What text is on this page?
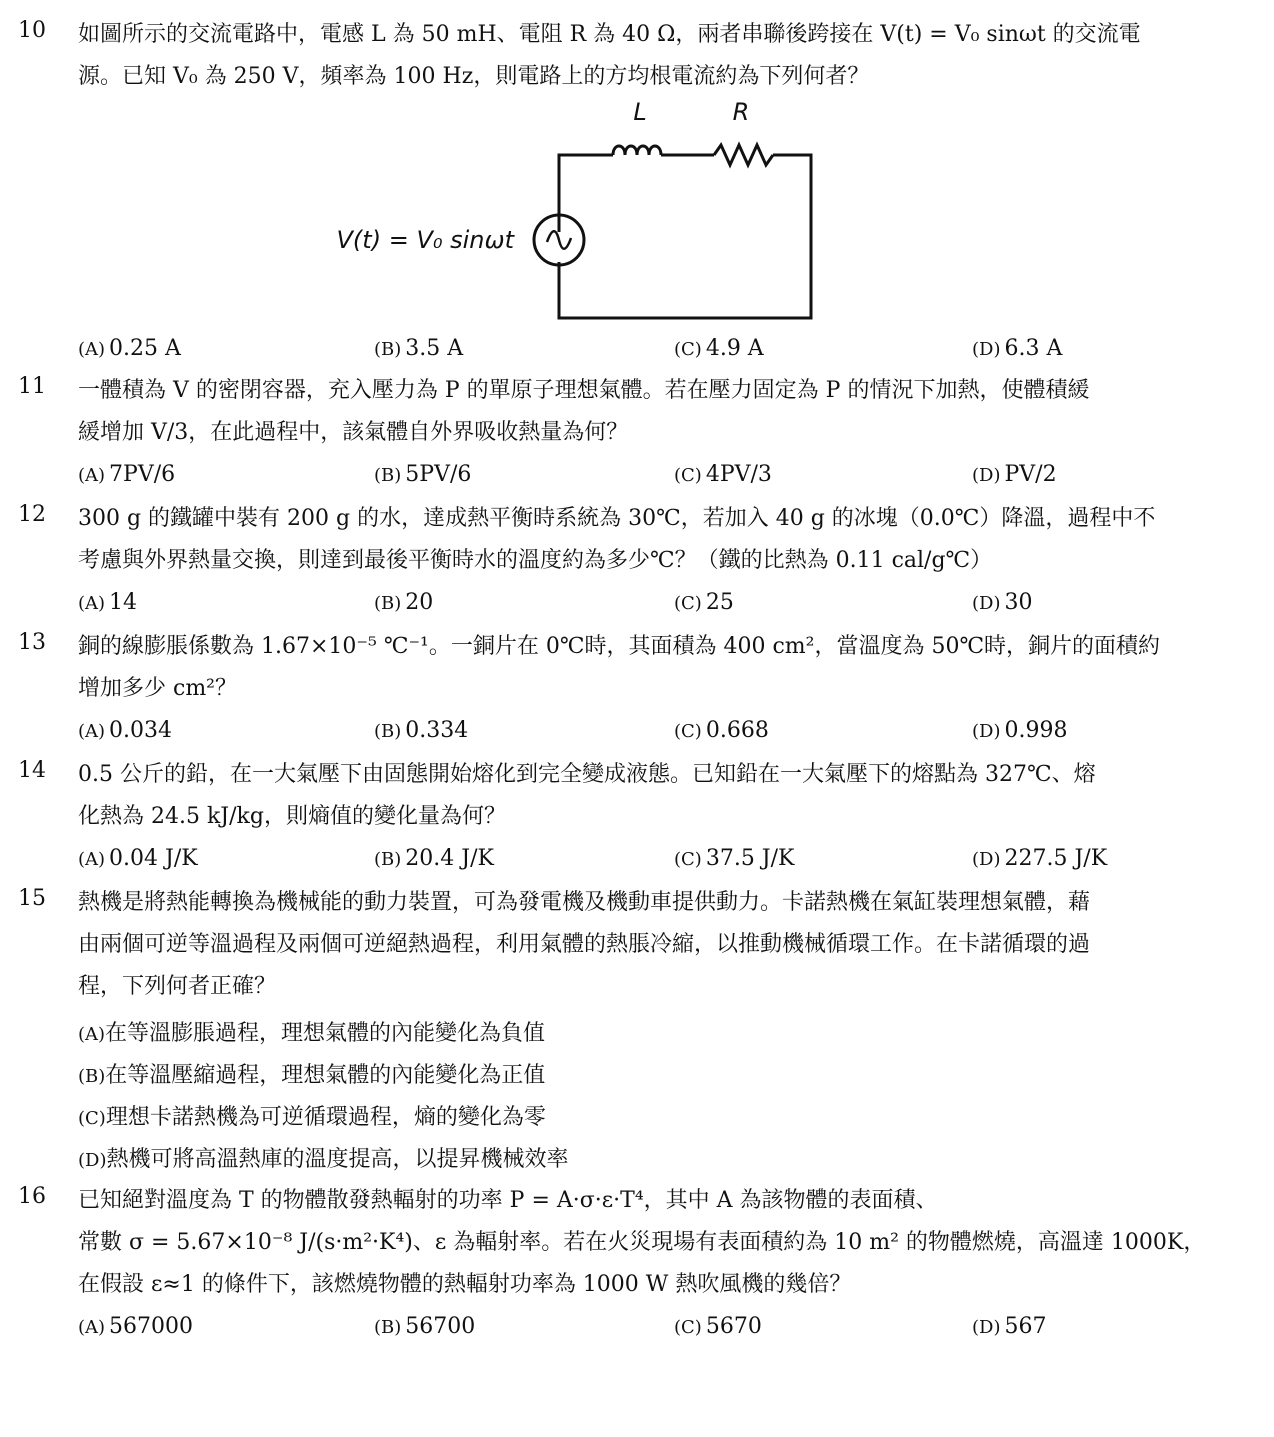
10	如圖所示的交流電路中，電感 L 為 50 mH、電阻 R 為 40 Ω，兩者串聯後跨接在 V(t) = V₀ sinωt 的交流電
源。已知 V₀ 為 250 V，頻率為 100 Hz，則電路上的方均根電流約為下列何者？
L	R
V(t) = V₀ sinωt
(A) 0.25 A	(B) 3.5 A	(C) 4.9 A	(D) 6.3 A
11	一體積為 V 的密閉容器，充入壓力為 P 的單原子理想氣體。若在壓力固定為 P 的情況下加熱，使體積緩
緩增加 V/3，在此過程中，該氣體自外界吸收熱量為何？
(A) 7PV/6	(B) 5PV/6	(C) 4PV/3	(D) PV/2
12	300 g 的鐵罐中裝有 200 g 的水，達成熱平衡時系統為 30℃，若加入 40 g 的冰塊（0.0℃）降溫，過程中不
考慮與外界熱量交換，則達到最後平衡時水的溫度約為多少℃？（鐵的比熱為 0.11 cal/g℃）
(A) 14	(B) 20	(C) 25	(D) 30
13	銅的線膨脹係數為 1.67×10⁻⁵ ℃⁻¹。一銅片在 0℃時，其面積為 400 cm²，當溫度為 50℃時，銅片的面積約
增加多少 cm²？
(A) 0.034	(B) 0.334	(C) 0.668	(D) 0.998
14	0.5 公斤的鉛，在一大氣壓下由固態開始熔化到完全變成液態。已知鉛在一大氣壓下的熔點為 327℃、熔
化熱為 24.5 kJ/kg，則熵值的變化量為何？
(A) 0.04 J/K	(B) 20.4 J/K	(C) 37.5 J/K	(D) 227.5 J/K
15	熱機是將熱能轉換為機械能的動力裝置，可為發電機及機動車提供動力。卡諾熱機在氣缸裝理想氣體，藉
由兩個可逆等溫過程及兩個可逆絕熱過程，利用氣體的熱脹冷縮，以推動機械循環工作。在卡諾循環的過
程，下列何者正確？
(A)在等溫膨脹過程，理想氣體的內能變化為負值
(B)在等溫壓縮過程，理想氣體的內能變化為正值
(C)理想卡諾熱機為可逆循環過程，熵的變化為零
(D)熱機可將高溫熱庫的溫度提高，以提昇機械效率
16	已知絕對溫度為 T 的物體散發熱輻射的功率 P = A·σ·ε·T⁴，其中 A 為該物體的表面積、
常數 σ = 5.67×10⁻⁸ J/(s·m²·K⁴)、ε 為輻射率。若在火災現場有表面積約為 10 m² 的物體燃燒，高溫達 1000K，
在假設 ε≈1 的條件下，該燃燒物體的熱輻射功率為 1000 W 熱吹風機的幾倍？
(A) 567000	(B) 56700	(C) 5670	(D) 567
